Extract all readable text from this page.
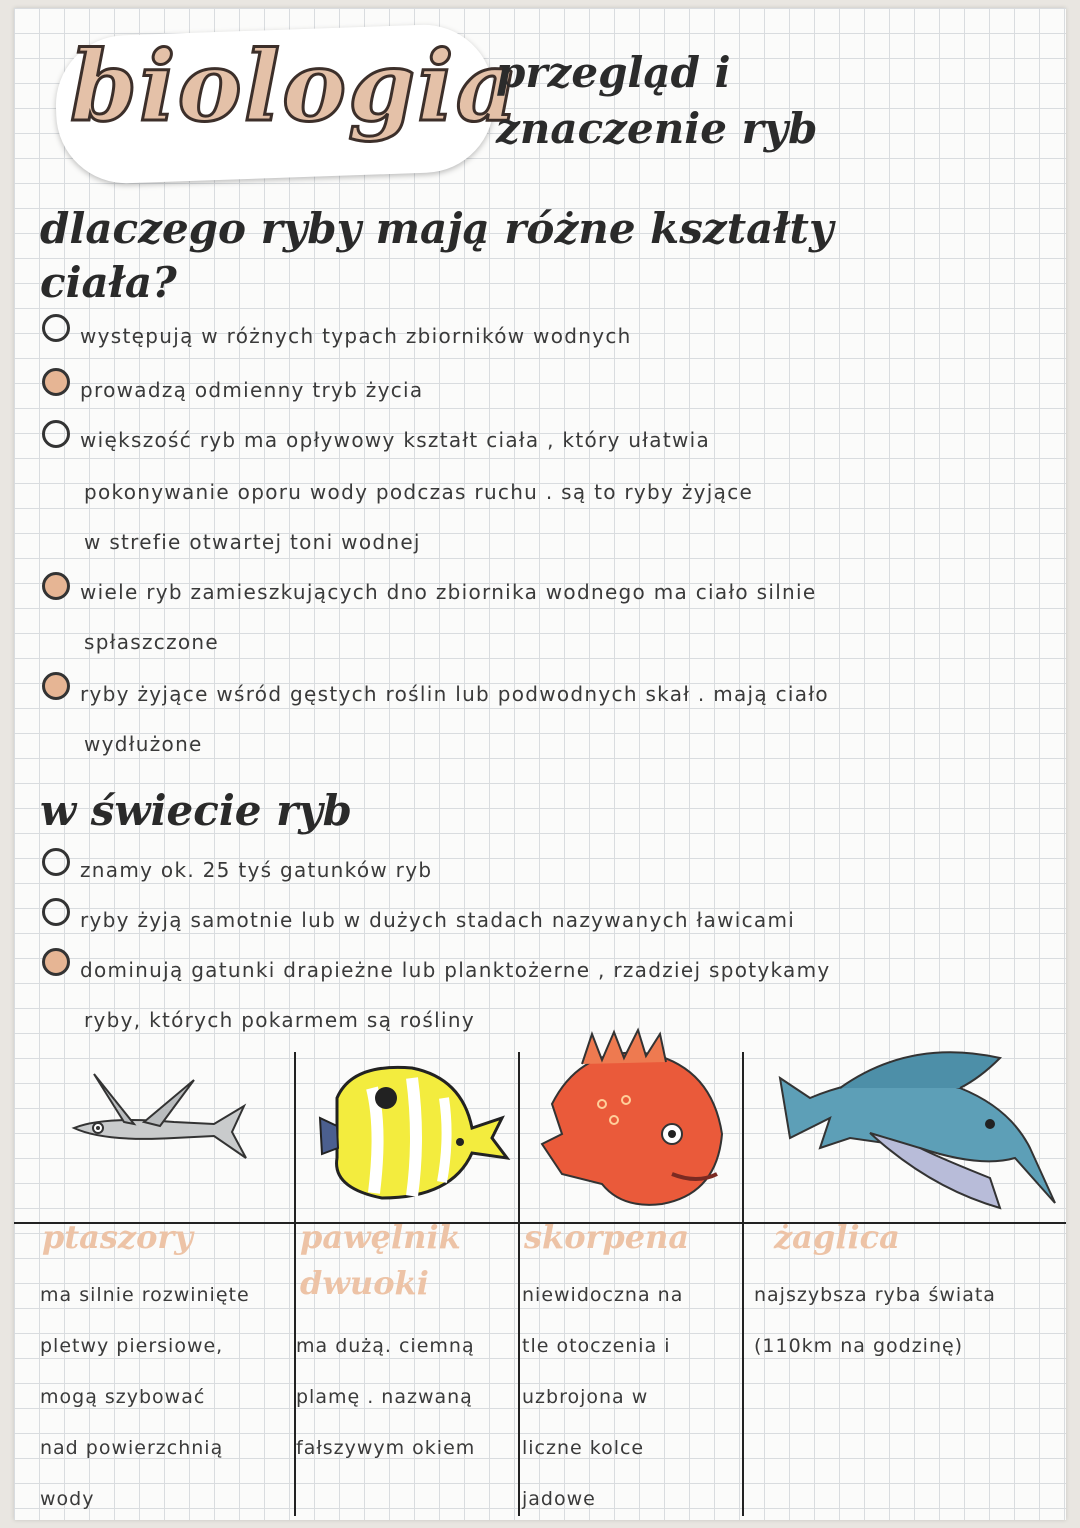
biologia
przegląd i
znaczenie ryb
dlaczego ryby mają różne kształty
ciała?
występują w różnych typach zbiorników wodnych
prowadzą odmienny tryb życia
większość ryb ma opływowy kształt ciała , który ułatwia
pokonywanie oporu wody podczas ruchu . są to ryby żyjące
w strefie otwartej toni wodnej
wiele ryb zamieszkujących dno zbiornika wodnego ma ciało silnie
spłaszczone
ryby żyjące wśród gęstych roślin lub podwodnych skał . mają ciało
wydłużone
w świecie ryb
znamy ok. 25 tyś gatunków ryb
ryby żyją samotnie lub w dużych stadach nazywanych ławicami
dominują gatunki drapieżne lub planktożerne , rzadziej spotykamy
ryby, których pokarmem są rośliny
ptaszory	pawęlnik
dwuoki
skorpena	żaglica
ma silnie rozwinięte
pletwy piersiowe,
mogą szybować
nad powierzchnią
wody
ma dużą. ciemną
plamę . nazwaną
fałszywym okiem
niewidoczna na
tle otoczenia i
uzbrojona w
liczne kolce
jadowe
najszybsza ryba świata
(110km na godzinę)
